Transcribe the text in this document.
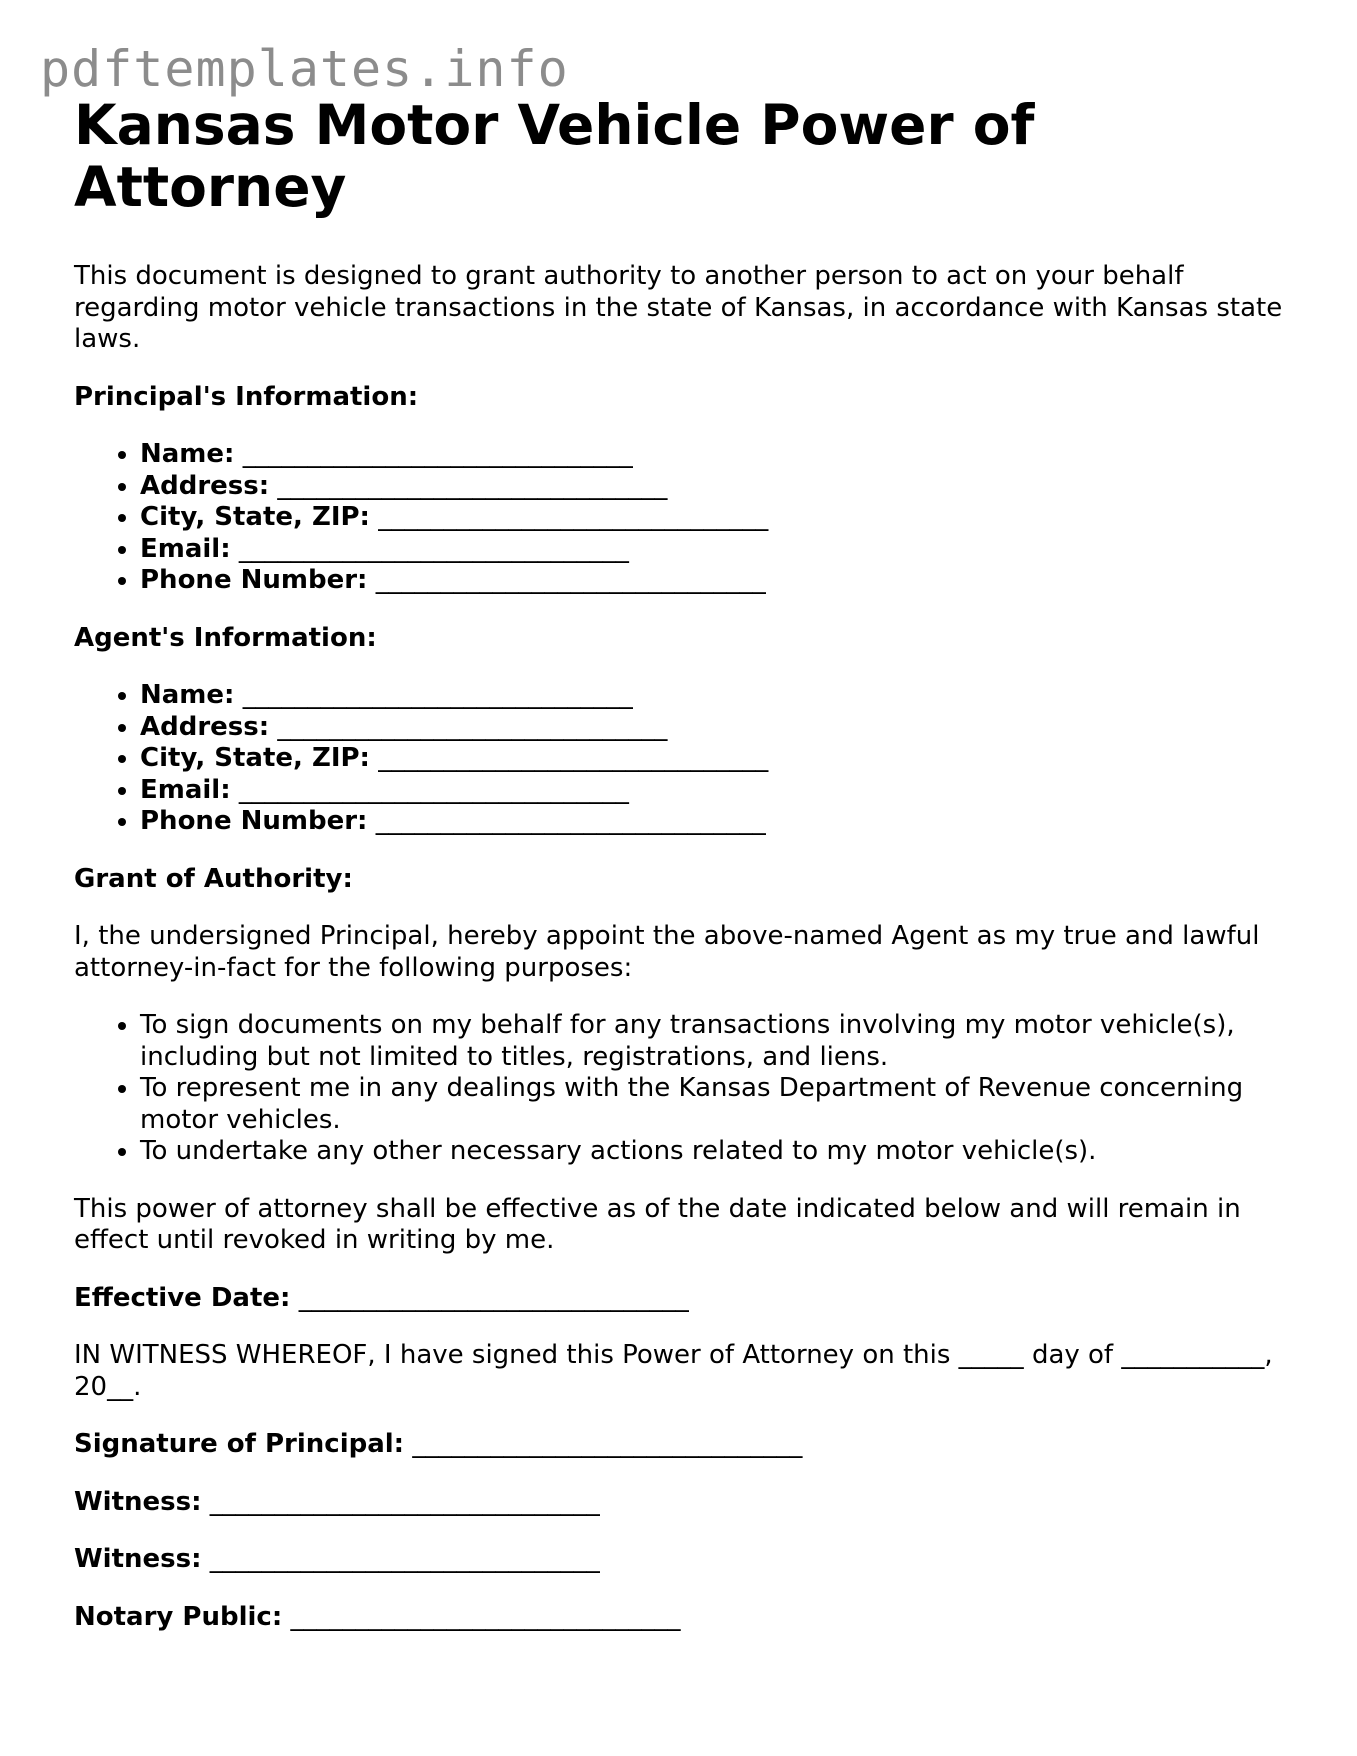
pdftemplates.info
Kansas Motor Vehicle Power of Attorney

This document is designed to grant authority to another person to act on your behalf regarding motor vehicle transactions in the state of Kansas, in accordance with Kansas state laws.

Principal's Information:

• Name: ______________________________
• Address: ______________________________
• City, State, ZIP: ______________________________
• Email: ______________________________
• Phone Number: ______________________________

Agent's Information:

• Name: ______________________________
• Address: ______________________________
• City, State, ZIP: ______________________________
• Email: ______________________________
• Phone Number: ______________________________

Grant of Authority:

I, the undersigned Principal, hereby appoint the above-named Agent as my true and lawful attorney-in-fact for the following purposes:

• To sign documents on my behalf for any transactions involving my motor vehicle(s), including but not limited to titles, registrations, and liens.
• To represent me in any dealings with the Kansas Department of Revenue concerning motor vehicles.
• To undertake any other necessary actions related to my motor vehicle(s).

This power of attorney shall be effective as of the date indicated below and will remain in effect until revoked in writing by me.

Effective Date: ______________________________

IN WITNESS WHEREOF, I have signed this Power of Attorney on this _____ day of ___________, 20__.

Signature of Principal: ______________________________

Witness: ______________________________

Witness: ______________________________

Notary Public: ______________________________
